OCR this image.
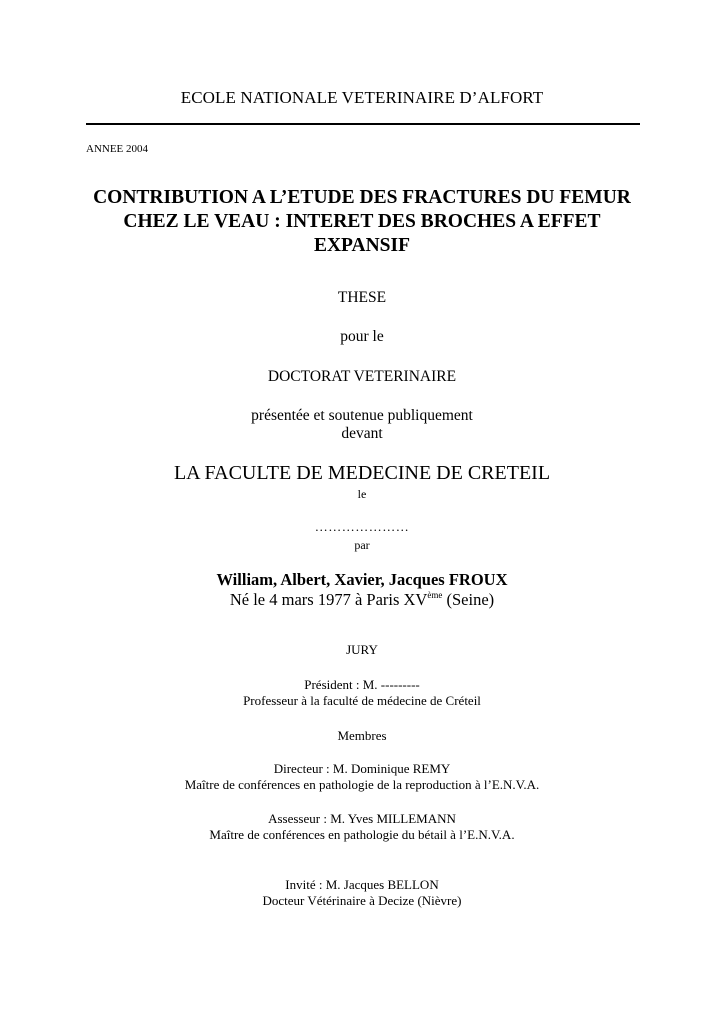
ECOLE NATIONALE VETERINAIRE D’ALFORT
ANNEE 2004
CONTRIBUTION A L’ETUDE DES FRACTURES DU FEMUR
CHEZ LE VEAU : INTERET DES BROCHES A EFFET
EXPANSIF
THESE
pour le
DOCTORAT VETERINAIRE
présentée et soutenue publiquement
devant
LA FACULTE DE MEDECINE DE CRETEIL
le
…………………
par
William, Albert, Xavier, Jacques FROUX
Né le 4 mars 1977 à Paris XVème (Seine)
JURY
Président : M. ---------
Professeur à la faculté de médecine de Créteil
Membres
Directeur : M. Dominique REMY
Maître de conférences en pathologie de la reproduction à l’E.N.V.A.
Assesseur : M. Yves MILLEMANN
Maître de conférences en pathologie du bétail à l’E.N.V.A.
Invité : M. Jacques BELLON
Docteur Vétérinaire à Decize (Nièvre)
